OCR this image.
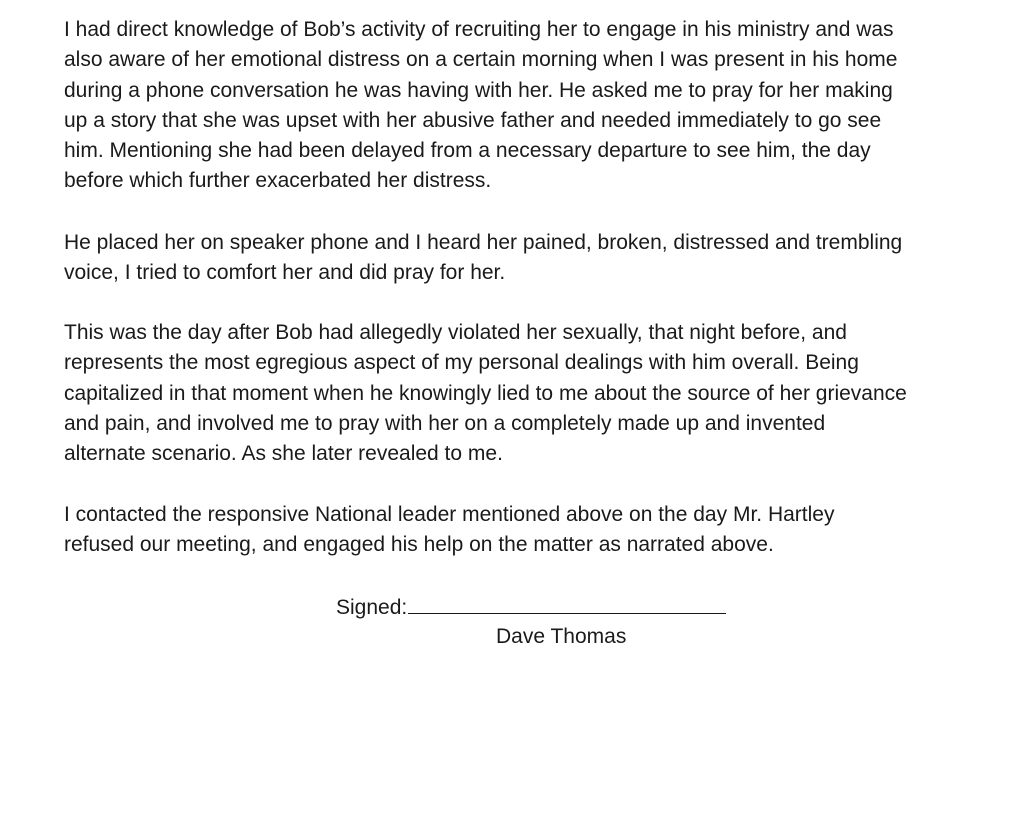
I had direct knowledge of Bob’s activity of recruiting her to engage in his ministry and was
also aware of her emotional distress on a certain morning when I was present in his home
during a phone conversation he was having with her. He asked me to pray for her making
up a story that she was upset with her abusive father and needed immediately to go see
him. Mentioning she had been delayed from a necessary departure to see him, the day
before which further exacerbated her distress.

He placed her on speaker phone and I heard her pained, broken, distressed and trembling
voice, I tried to comfort her and did pray for her.

This was the day after Bob had allegedly violated her sexually, that night before, and
represents the most egregious aspect of my personal dealings with him overall. Being
capitalized in that moment when he knowingly lied to me about the source of her grievance
and pain, and involved me to pray with her on a completely made up and invented
alternate scenario. As she later revealed to me.

I contacted the responsive National leader mentioned above on the day Mr. Hartley
refused our meeting, and engaged his help on the matter as narrated above.

Signed:
Dave Thomas
